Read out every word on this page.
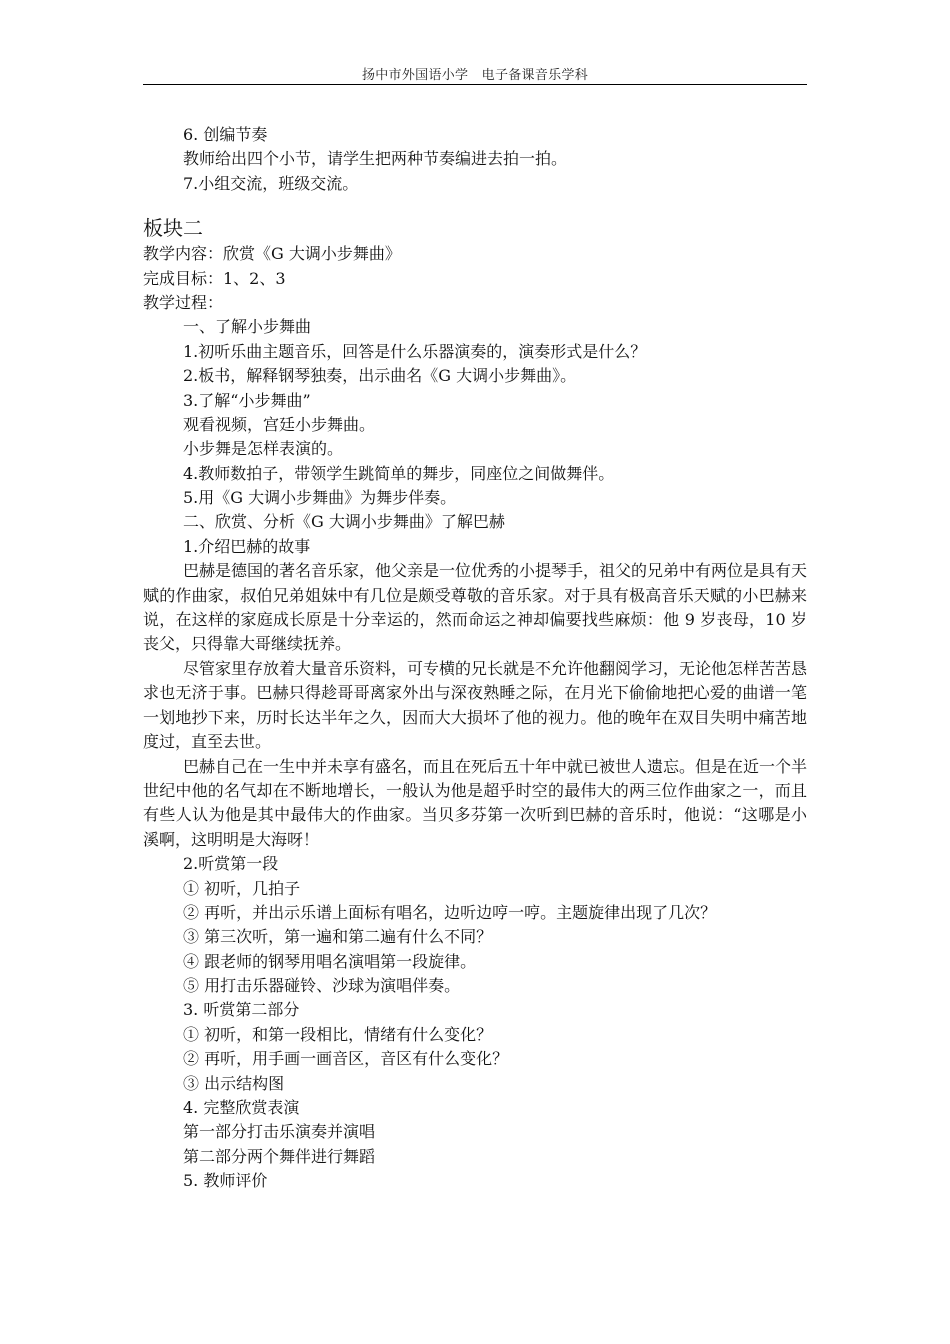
扬中市外国语小学　电子备课音乐学科
6. 创编节奏
教师给出四个小节，请学生把两种节奏编进去拍一拍。
7.小组交流，班级交流。
板块二
教学内容：欣赏《G 大调小步舞曲》
完成目标：1、2、3
教学过程：
一、了解小步舞曲
1.初听乐曲主题音乐，回答是什么乐器演奏的，演奏形式是什么？
2.板书，解释钢琴独奏，出示曲名《G 大调小步舞曲》。
3.了解“小步舞曲”
观看视频，宫廷小步舞曲。
小步舞是怎样表演的。
4.教师数拍子，带领学生跳简单的舞步，同座位之间做舞伴。
5.用《G 大调小步舞曲》为舞步伴奏。
二、欣赏、分析《G 大调小步舞曲》了解巴赫
1.介绍巴赫的故事
巴赫是德国的著名音乐家，他父亲是一位优秀的小提琴手，祖父的兄弟中有两位是具有天赋的作曲家，叔伯兄弟姐妹中有几位是颇受尊敬的音乐家。对于具有极高音乐天赋的小巴赫来说，在这样的家庭成长原是十分幸运的，然而命运之神却偏要找些麻烦：他 9 岁丧母，10 岁丧父，只得靠大哥继续抚养。
尽管家里存放着大量音乐资料，可专横的兄长就是不允许他翻阅学习，无论他怎样苦苦恳求也无济于事。巴赫只得趁哥哥离家外出与深夜熟睡之际，在月光下偷偷地把心爱的曲谱一笔一划地抄下来，历时长达半年之久，因而大大损坏了他的视力。他的晚年在双目失明中痛苦地度过，直至去世。
巴赫自己在一生中并未享有盛名，而且在死后五十年中就已被世人遗忘。但是在近一个半世纪中他的名气却在不断地增长，一般认为他是超乎时空的最伟大的两三位作曲家之一，而且有些人认为他是其中最伟大的作曲家。当贝多芬第一次听到巴赫的音乐时，他说：“这哪是小溪啊，这明明是大海呀！
2.听赏第一段
① 初听，几拍子
② 再听，并出示乐谱上面标有唱名，边听边哼一哼。主题旋律出现了几次？
③ 第三次听，第一遍和第二遍有什么不同？
④ 跟老师的钢琴用唱名演唱第一段旋律。
⑤ 用打击乐器碰铃、沙球为演唱伴奏。
3. 听赏第二部分
① 初听，和第一段相比，情绪有什么变化？
② 再听，用手画一画音区，音区有什么变化？
③ 出示结构图
4. 完整欣赏表演
第一部分打击乐演奏并演唱
第二部分两个舞伴进行舞蹈
5. 教师评价
